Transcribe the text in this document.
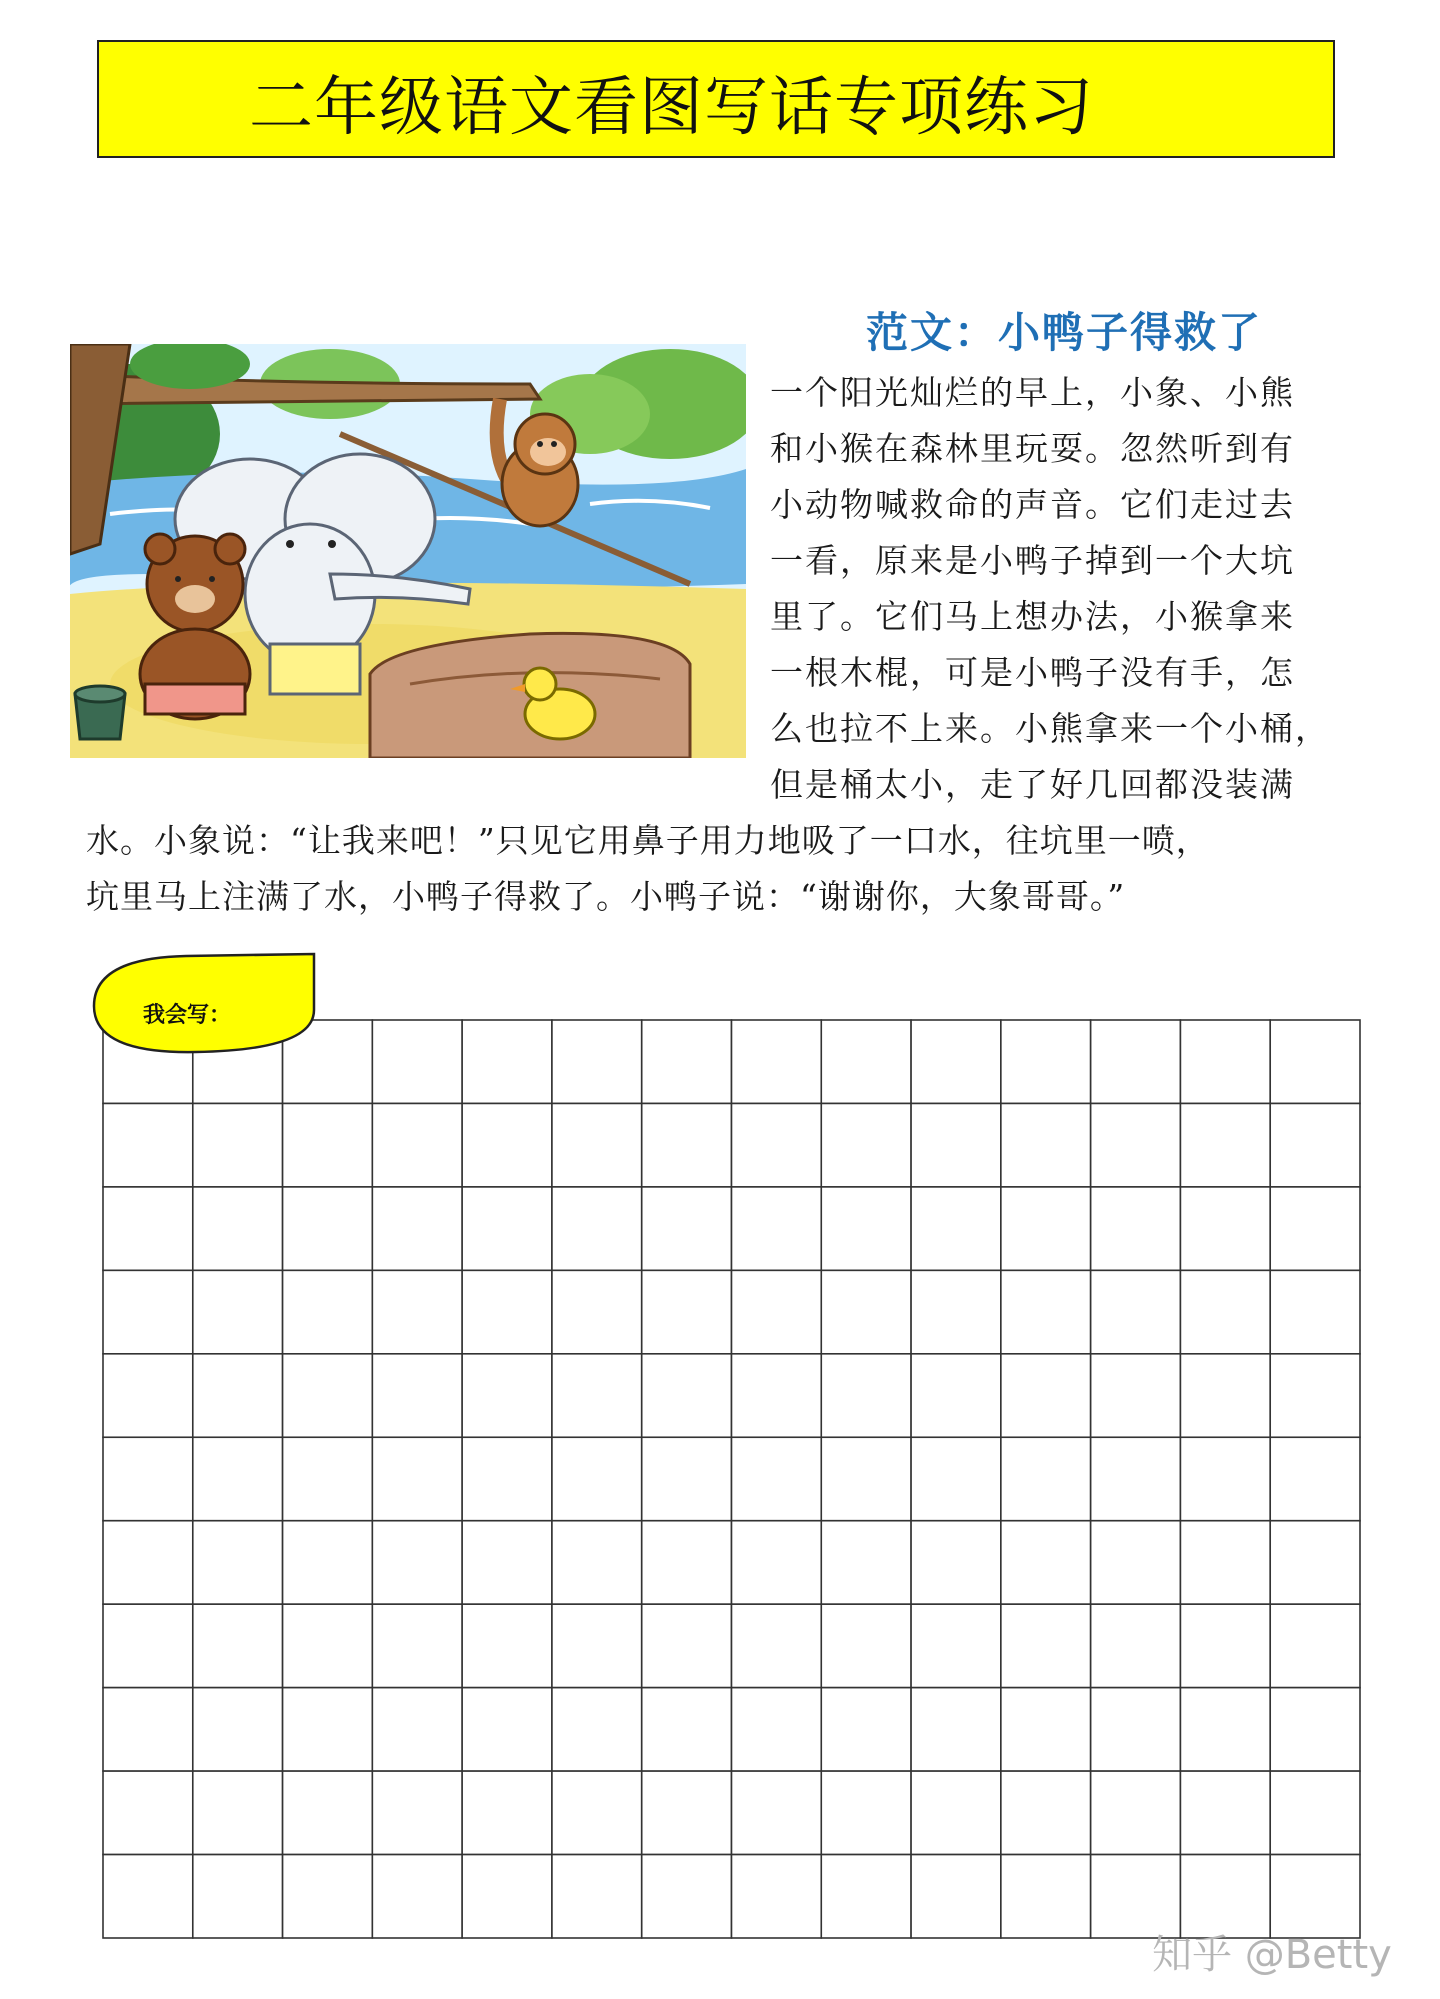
二年级语文看图写话专项练习
范文：小鸭子得救了
一个阳光灿烂的早上，小象、小熊
和小猴在森林里玩耍。忽然听到有
小动物喊救命的声音。它们走过去
一看，原来是小鸭子掉到一个大坑
里了。它们马上想办法，小猴拿来
一根木棍，可是小鸭子没有手，怎
么也拉不上来。小熊拿来一个小桶，
但是桶太小，走了好几回都没装满
水。小象说：“让我来吧！”只见它用鼻子用力地吸了一口水，往坑里一喷，
坑里马上注满了水，小鸭子得救了。小鸭子说：“谢谢你，大象哥哥。”
我会写：
知乎 @Betty
